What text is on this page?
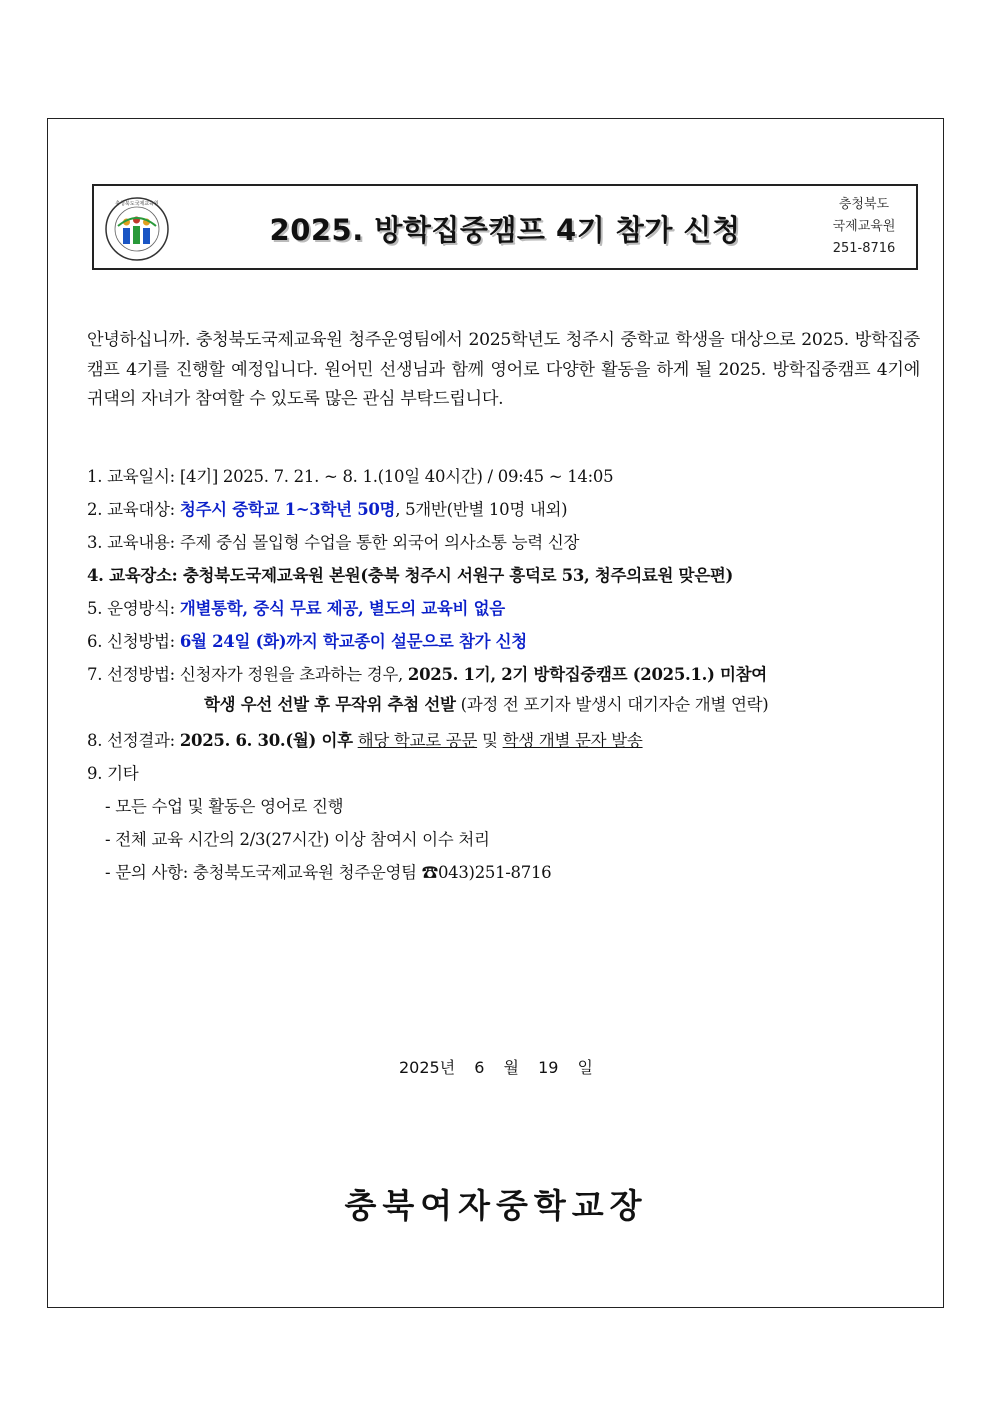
충청북도국제교육원
2025. 방학집중캠프 4기 참가 신청
충청북도
국제교육원
251-8716
안녕하십니까. 충청북도국제교육원 청주운영팀에서 2025학년도 청주시 중학교 학생을 대상으로 2025. 방학집중캠프 4기를 진행할 예정입니다. 원어민 선생님과 함께 영어로 다양한 활동을 하게 될 2025. 방학집중캠프 4기에 귀댁의 자녀가 참여할 수 있도록 많은 관심 부탁드립니다.
1. 교육일시: [4기] 2025. 7. 21. ~ 8. 1.(10일 40시간) / 09:45 ~ 14:05
2. 교육대상: 청주시 중학교 1~3학년 50명, 5개반(반별 10명 내외)
3. 교육내용: 주제 중심 몰입형 수업을 통한 외국어 의사소통 능력 신장
4. 교육장소: 충청북도국제교육원 본원(충북 청주시 서원구 흥덕로 53, 청주의료원 맞은편)
5. 운영방식: 개별통학, 중식 무료 제공, 별도의 교육비 없음
6. 신청방법: 6월 24일 (화)까지 학교종이 설문으로 참가 신청
7. 선정방법: 신청자가 정원을 초과하는 경우, 2025. 1기, 2기 방학집중캠프 (2025.1.) 미참여
학생 우선 선발 후 무작위 추첨 선발 (과정 전 포기자 발생시 대기자순 개별 연락)
8. 선정결과: 2025. 6. 30.(월) 이후 해당 학교로 공문 및 학생 개별 문자 발송
9. 기타
- 모든 수업 및 활동은 영어로 진행
- 전체 교육 시간의 2/3(27시간) 이상 참여시 이수 처리
- 문의 사항: 충청북도국제교육원 청주운영팀 ☎043)251-8716
2025년 6 월 19 일
충북여자중학교장
